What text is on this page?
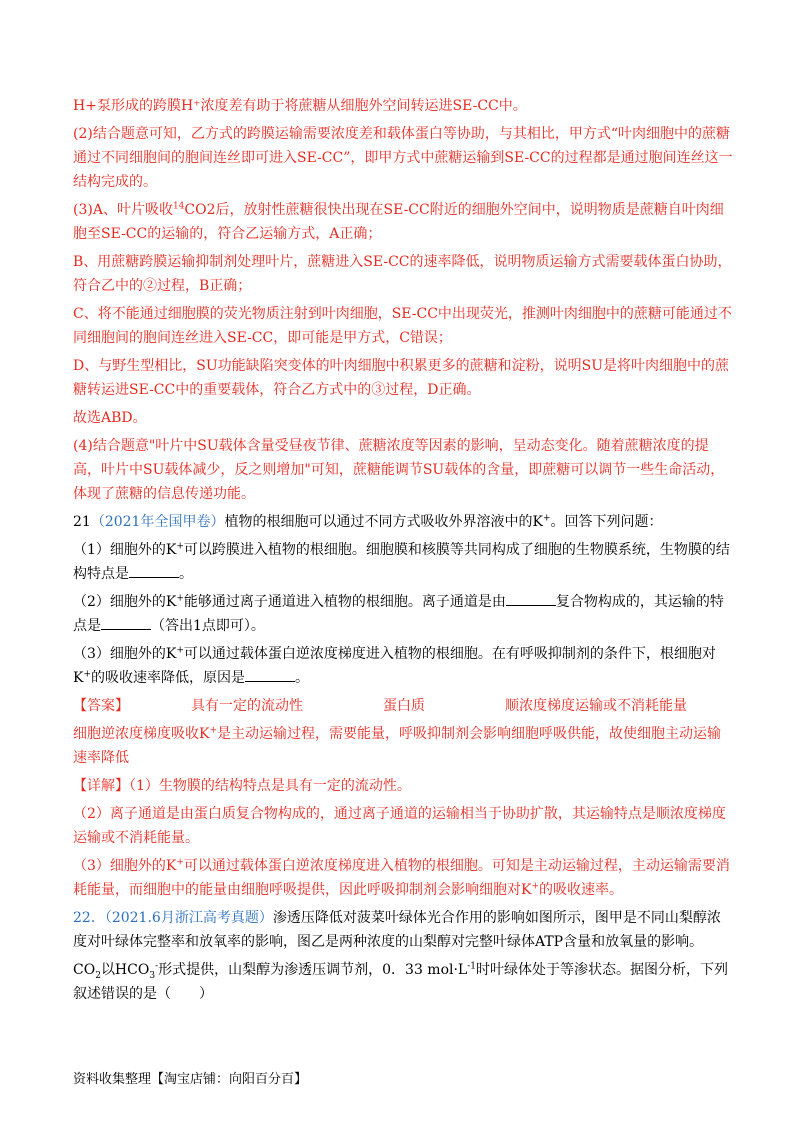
H+泵形成的跨膜H⁺浓度差有助于将蔗糖从细胞外空间转运进SE-CC中。

(2)结合题意可知，乙方式的跨膜运输需要浓度差和载体蛋白等协助，与其相比，甲方式“叶肉细胞中的蔗糖通过不同细胞间的胞间连丝即可进入SE-CC”，即甲方式中蔗糖运输到SE-CC的过程都是通过胞间连丝这一结构完成的。

(3)A、叶片吸收$^{14}$CO2后，放射性蔗糖很快出现在SE-CC附近的细胞外空间中，说明物质是蔗糖自叶肉细胞至SE-CC的运输的，符合乙运输方式，A正确；

B、用蔗糖跨膜运输抑制剂处理叶片，蔗糖进入SE-CC的速率降低，说明物质运输方式需要载体蛋白协助，符合乙中的②过程，B正确；

C、将不能通过细胞膜的荧光物质注射到叶肉细胞，SE-CC中出现荧光，推测叶肉细胞中的蔗糖可能通过不同细胞间的胞间连丝进入SE-CC，即可能是甲方式，C错误；

D、与野生型相比，SU功能缺陷突变体的叶肉细胞中积累更多的蔗糖和淀粉，说明SU是将叶肉细胞中的蔗糖转运进SE-CC中的重要载体，符合乙方式中的③过程，D正确。

故选ABD。

(4)结合题意"叶片中SU载体含量受昼夜节律、蔗糖浓度等因素的影响，呈动态变化。随着蔗糖浓度的提高，叶片中SU载体减少，反之则增加"可知，蔗糖能调节SU载体的含量，即蔗糖可以调节一些生命活动，体现了蔗糖的信息传递功能。

21（2021年全国甲卷）植物的根细胞可以通过不同方式吸收外界溶液中的K+。回答下列问题：

（1）细胞外的K+可以跨膜进入植物的根细胞。细胞膜和核膜等共同构成了细胞的生物膜系统，生物膜的结构特点是	。

（2）细胞外的K+能够通过离子通道进入植物的根细胞。离子通道是由	复合物构成的，其运输的特点是	（答出1点即可）。

（3）细胞外的K+可以通过载体蛋白逆浓度梯度进入植物的根细胞。在有呼吸抑制剂的条件下，根细胞对K+的吸收速率降低，原因是	。

【答案】	具有一定的流动性	蛋白质	顺浓度梯度运输或不消耗能量

细胞逆浓度梯度吸收K+是主动运输过程，需要能量，呼吸抑制剂会影响细胞呼吸供能，故使细胞主动运输速率降低

【详解】（1）生物膜的结构特点是具有一定的流动性。

（2）离子通道是由蛋白质复合物构成的，通过离子通道的运输相当于协助扩散，其运输特点是顺浓度梯度运输或不消耗能量。

（3）细胞外的K+可以通过载体蛋白逆浓度梯度进入植物的根细胞。可知是主动运输过程，主动运输需要消耗能量，而细胞中的能量由细胞呼吸提供，因此呼吸抑制剂会影响细胞对K+的吸收速率。

22．（2021.6月浙江高考真题）渗透压降低对菠菜叶绿体光合作用的影响如图所示，图甲是不同山梨醇浓度对叶绿体完整率和放氧率的影响，图乙是两种浓度的山梨醇对完整叶绿体ATP含量和放氧量的影响。

$CO_2$以$HCO_3^-$形式提供，山梨醇为渗透压调节剂，0．33 $mol\cdot L^{-1}$时叶绿体处于等渗状态。据图分析，下列叙述错误的是（　　）

资料收集整理【淘宝店铺：向阳百分百】
